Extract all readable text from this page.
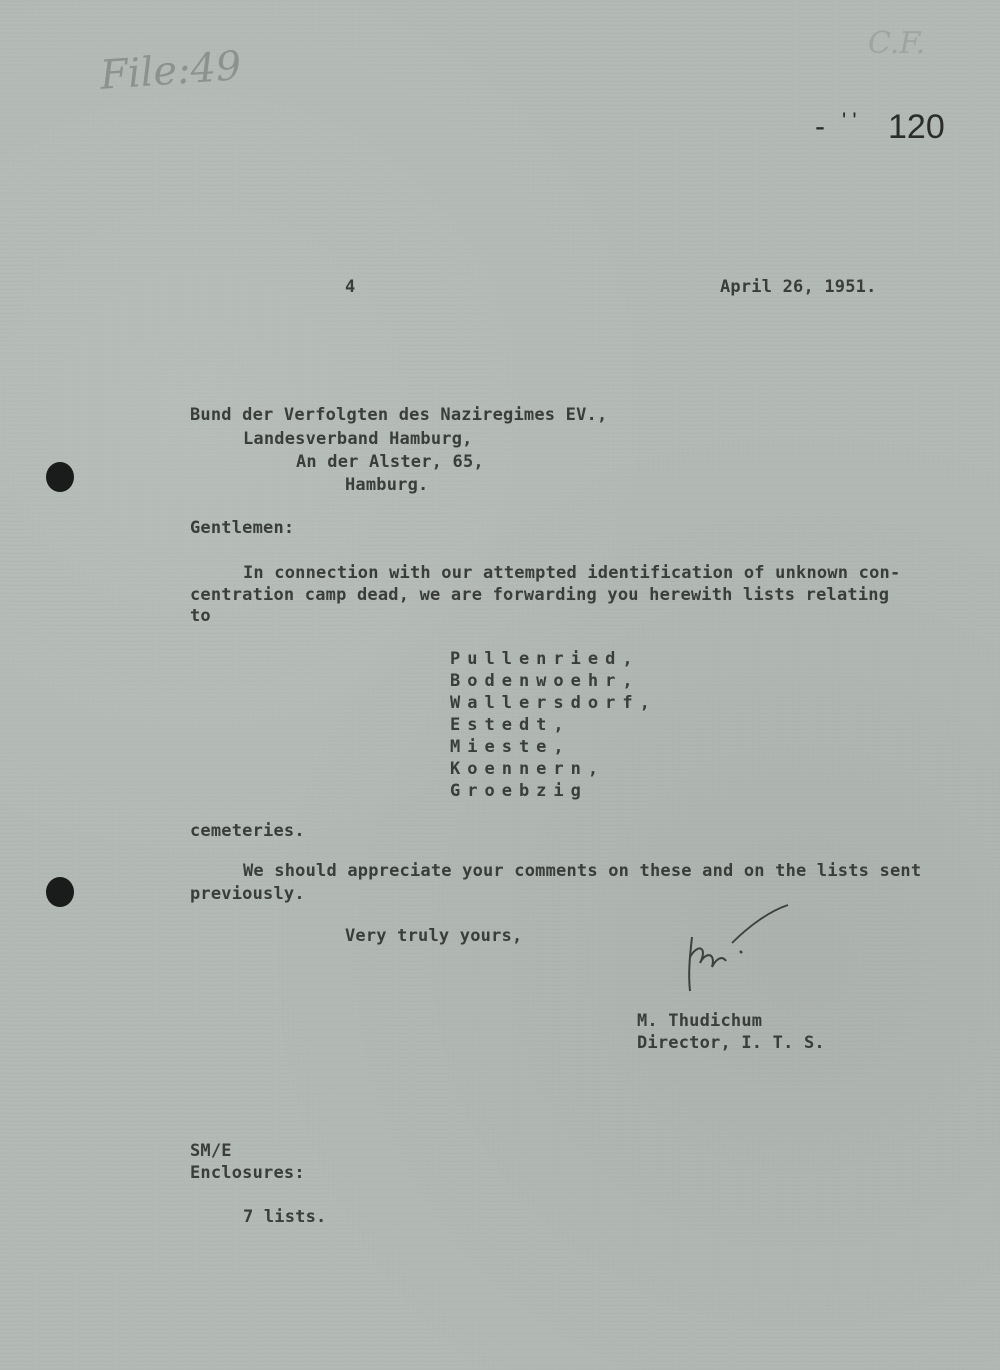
File:49	C.F.
- ' ' 120
4	April 26, 1951.
Bund der Verfolgten des Naziregimes EV.,
Landesverband Hamburg,
An der Alster, 65,
Hamburg.
Gentlemen:
In connection with our attempted identification of unknown con-
centration camp dead, we are forwarding you herewith lists relating
to
Pullenried,
Bodenwoehr,
Wallersdorf,
Estedt,
Mieste,
Koennern,
Groebzig
cemeteries.
We should appreciate your comments on these and on the lists sent
previously.
Very truly yours,
M. Thudichum
Director, I. T. S.
SM/E
Enclosures:
7 lists.
